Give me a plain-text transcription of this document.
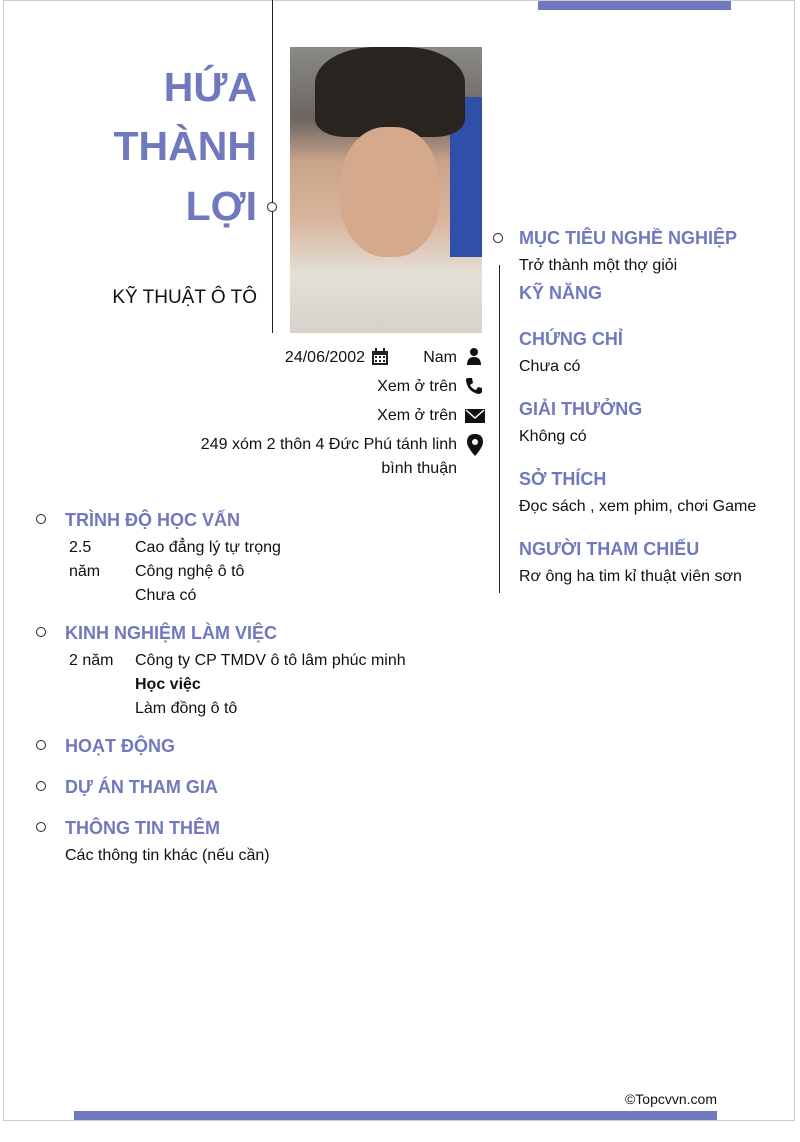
HỨA
THÀNH
LỢI
KỸ THUẬT Ô TÔ
24/06/2002	Nam
Xem ở trên
Xem ở trên
249 xóm 2 thôn 4 Đức Phú tánh linh
bình thuận
MỤC TIÊU NGHỀ NGHIỆP
Trở thành một thợ giỏi
KỸ NĂNG
CHỨNG CHỈ
Chưa có
GIẢI THƯỞNG
Không có
SỞ THÍCH
Đọc sách , xem phim, chơi Game
NGƯỜI THAM CHIẾU
Rơ ông ha tim kỉ thuật viên sơn
TRÌNH ĐỘ HỌC VẤN
2.5
năm
Cao đẳng lý tự trọng
Công nghệ ô tô
Chưa có
KINH NGHIỆM LÀM VIỆC
2 năm Công ty CP TMDV ô tô lâm phúc minh
Học việc
Làm đồng ô tô
HOẠT ĐỘNG
DỰ ÁN THAM GIA
THÔNG TIN THÊM
Các thông tin khác (nếu cần)
©Topcvvn.com
